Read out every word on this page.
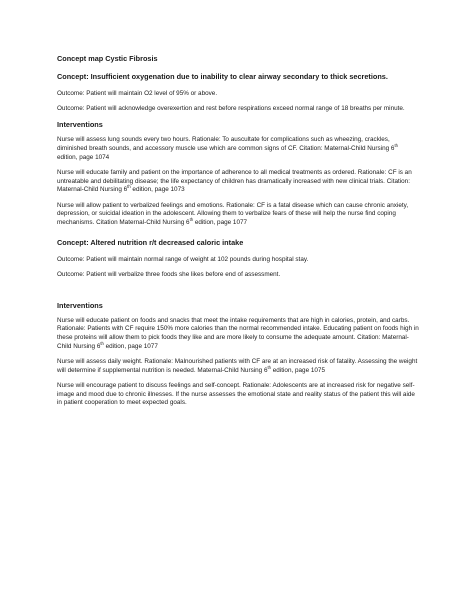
Concept map Cystic Fibrosis

Concept: Insufficient oxygenation due to inability to clear airway secondary to thick secretions.

Outcome: Patient will maintain O2 level of 95% or above.

Outcome: Patient will acknowledge overexertion and rest before respirations exceed normal range of 18 breaths per minute.

Interventions

Nurse will assess lung sounds every two hours. Rationale: To auscultate for complications such as wheezing, crackles, diminished breath sounds, and accessory muscle use which are common signs of CF. Citation: Maternal-Child Nursing 6th edition, page 1074

Nurse will educate family and patient on the importance of adherence to all medical treatments as ordered. Rationale: CF is an untreatable and debilitating disease; the life expectancy of children has dramatically increased with new clinical trials. Citation: Maternal-Child Nursing 6th edition, page 1073

Nurse will allow patient to verbalized feelings and emotions. Rationale: CF is a fatal disease which can cause chronic anxiety, depression, or suicidal ideation in the adolescent. Allowing them to verbalize fears of these will help the nurse find coping mechanisms. Citation Maternal-Child Nursing 6th edition, page 1077

Concept: Altered nutrition r/t decreased caloric intake

Outcome: Patient will maintain normal range of weight at 102 pounds during hospital stay.

Outcome: Patient will verbalize three foods she likes before end of assessment.

Interventions

Nurse will educate patient on foods and snacks that meet the intake requirements that are high in calories, protein, and carbs. Rationale: Patients with CF require 150% more calories than the normal recommended intake. Educating patient on foods high in these proteins will allow them to pick foods they like and are more likely to consume the adequate amount. Citation: Maternal-Child Nursing 6th edition, page 1077

Nurse will assess daily weight. Rationale: Malnourished patients with CF are at an increased risk of fatality. Assessing the weight will determine if supplemental nutrition is needed. Maternal-Child Nursing 6th edition, page 1075

Nurse will encourage patient to discuss feelings and self-concept. Rationale: Adolescents are at increased risk for negative self-image and mood due to chronic illnesses. If the nurse assesses the emotional state and reality status of the patient this will aide in patient cooperation to meet expected goals.
